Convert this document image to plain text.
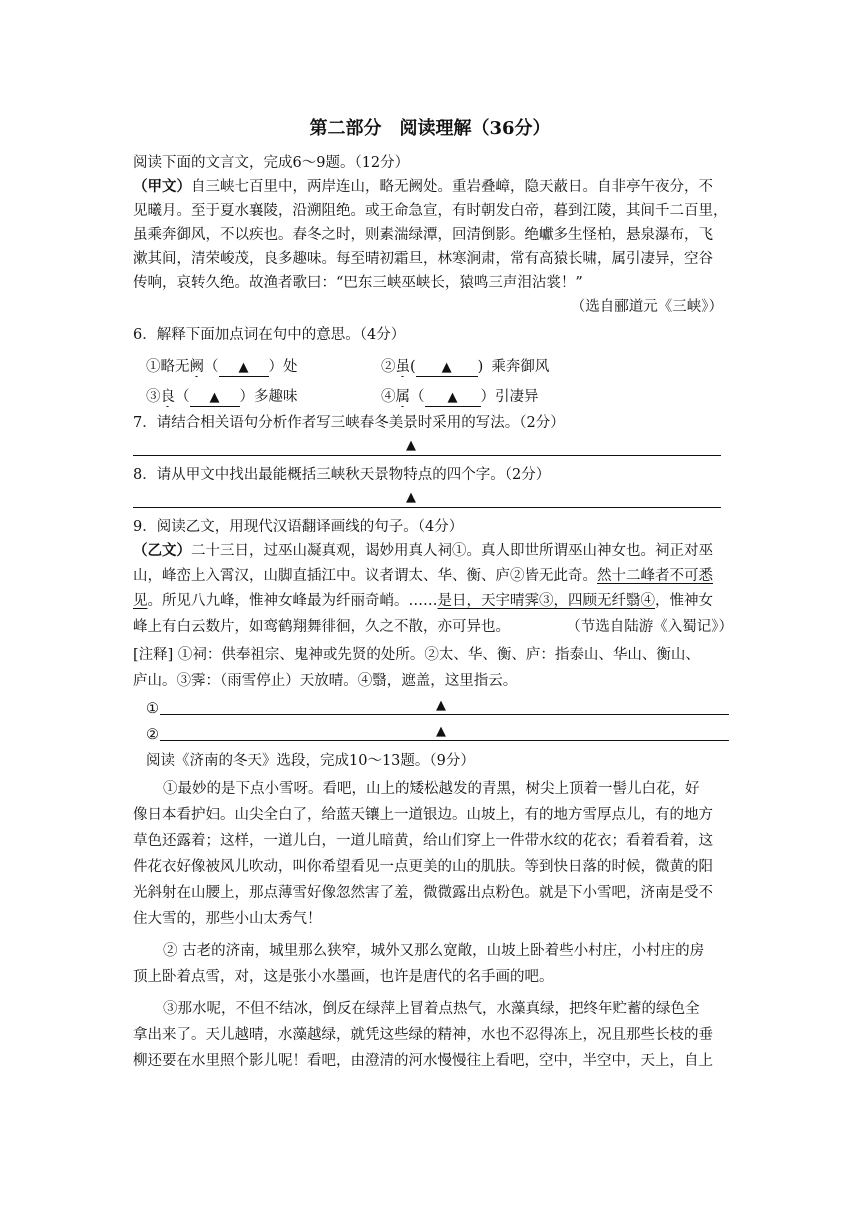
第二部分　阅读理解（36分）
阅读下面的文言文，完成6～9题。（12分）
（甲文）自三峡七百里中，两岸连山，略无阙处。重岩叠嶂，隐天蔽日。自非亭午夜分，不
见曦月。至于夏水襄陵，沿溯阻绝。或王命急宣，有时朝发白帝，暮到江陵，其间千二百里，
虽乘奔御风，不以疾也。春冬之时，则素湍绿潭，回清倒影。绝巘多生怪柏，悬泉瀑布，飞
漱其间，清荣峻茂，良多趣味。每至晴初霜旦，林寒涧肃，常有高猿长啸，属引凄异，空谷
传响，哀转久绝。故渔者歌曰：“巴东三峡巫峡长，猿鸣三声泪沾裳！”
（选自郦道元《三峡》）
6．解释下面加点词在句中的意思。（4分）
①略无阙（ ▲ ）处	②虽( ▲ ) 乘奔御风
③良（ ▲ ）多趣味	④属（ ▲ ）引凄异
7．请结合相关语句分析作者写三峡春冬美景时采用的写法。（2分）
▲
8．请从甲文中找出最能概括三峡秋天景物特点的四个字。（2分）
▲
9．阅读乙文，用现代汉语翻译画线的句子。（4分）
（乙文）二十三日，过巫山凝真观，谒妙用真人祠①。真人即世所谓巫山神女也。祠正对巫
山，峰峦上入霄汉，山脚直插江中。议者谓太、华、衡、庐②皆无此奇。然十二峰者不可悉
见。所见八九峰，惟神女峰最为纤丽奇峭。……是日，天宇晴霁③，四顾无纤翳④，惟神女
峰上有白云数片，如鸾鹤翔舞徘徊，久之不散，亦可异也。	（节选自陆游《入蜀记》）
[注释] ①祠：供奉祖宗、鬼神或先贤的处所。②太、华、衡、庐：指泰山、华山、衡山、
庐山。③霁：（雨雪停止）天放晴。④翳，遮盖，这里指云。
①	▲
②	▲
阅读《济南的冬天》选段，完成10～13题。（9分）
①最妙的是下点小雪呀。看吧，山上的矮松越发的青黑，树尖上顶着一髻儿白花，好
像日本看护妇。山尖全白了，给蓝天镶上一道银边。山坡上，有的地方雪厚点儿，有的地方
草色还露着；这样，一道儿白，一道儿暗黄，给山们穿上一件带水纹的花衣；看着看着，这
件花衣好像被风儿吹动，叫你希望看见一点更美的山的肌肤。等到快日落的时候，微黄的阳
光斜射在山腰上，那点薄雪好像忽然害了羞，微微露出点粉色。就是下小雪吧，济南是受不
住大雪的，那些小山太秀气！
② 古老的济南，城里那么狭窄，城外又那么宽敞，山坡上卧着些小村庄，小村庄的房
顶上卧着点雪，对，这是张小水墨画，也许是唐代的名手画的吧。
③那水呢，不但不结冰，倒反在绿萍上冒着点热气，水藻真绿，把终年贮蓄的绿色全
拿出来了。天儿越晴，水藻越绿，就凭这些绿的精神，水也不忍得冻上，况且那些长枝的垂
柳还要在水里照个影儿呢！看吧，由澄清的河水慢慢往上看吧，空中，半空中，天上，自上
